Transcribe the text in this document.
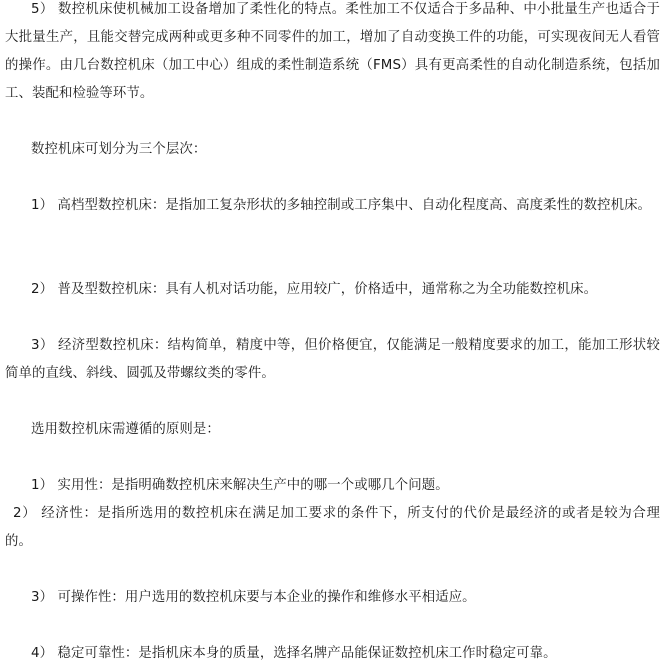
5） 数控机床使机械加工设备增加了柔性化的特点。柔性加工不仅适合于多品种、中小批量生产也适合于大批量生产，且能交替完成两种或更多种不同零件的加工，增加了自动变换工件的功能，可实现夜间无人看管的操作。由几台数控机床（加工中心）组成的柔性制造系统（FMS）具有更高柔性的自动化制造系统，包括加工、装配和检验等环节。

数控机床可划分为三个层次：

1） 高档型数控机床：是指加工复杂形状的多轴控制或工序集中、自动化程度高、高度柔性的数控机床。

2） 普及型数控机床：具有人机对话功能，应用较广，价格适中，通常称之为全功能数控机床。

3） 经济型数控机床：结构简单，精度中等，但价格便宜，仅能满足一般精度要求的加工，能加工形状较简单的直线、斜线、圆弧及带螺纹类的零件。

选用数控机床需遵循的原则是：

1） 实用性：是指明确数控机床来解决生产中的哪一个或哪几个问题。

2） 经济性：是指所选用的数控机床在满足加工要求的条件下，所支付的代价是最经济的或者是较为合理的。

3） 可操作性：用户选用的数控机床要与本企业的操作和维修水平相适应。

4） 稳定可靠性：是指机床本身的质量，选择名牌产品能保证数控机床工作时稳定可靠。
